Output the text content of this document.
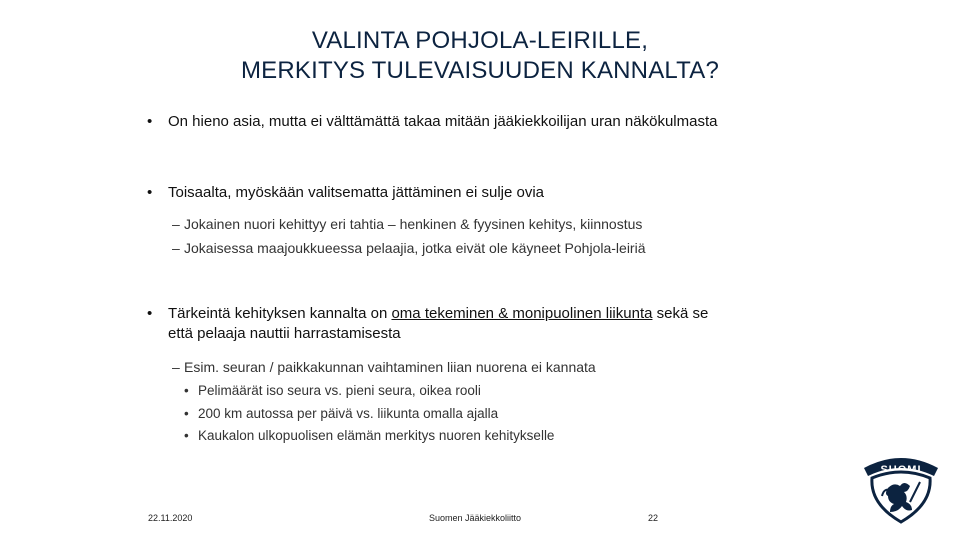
VALINTA POHJOLA-LEIRILLE,
MERKITYS TULEVAISUUDEN KANNALTA?
• On hieno asia, mutta ei välttämättä takaa mitään jääkiekkoilijan uran näkökulmasta
• Toisaalta, myöskään valitsematta jättäminen ei sulje ovia
– Jokainen nuori kehittyy eri tahtia – henkinen & fyysinen kehitys, kiinnostus
– Jokaisessa maajoukkueessa pelaajia, jotka eivät ole käyneet Pohjola-leiriä
• Tärkeintä kehityksen kannalta on oma tekeminen & monipuolinen liikunta sekä se
että pelaaja nauttii harrastamisesta
– Esim. seuran / paikkakunnan vaihtaminen liian nuorena ei kannata
• Pelimäärät iso seura vs. pieni seura, oikea rooli
• 200 km autossa per päivä vs. liikunta omalla ajalla
• Kaukalon ulkopuolisen elämän merkitys nuoren kehitykselle
22.11.2020	Suomen Jääkiekkoliitto	22
SUOMI
